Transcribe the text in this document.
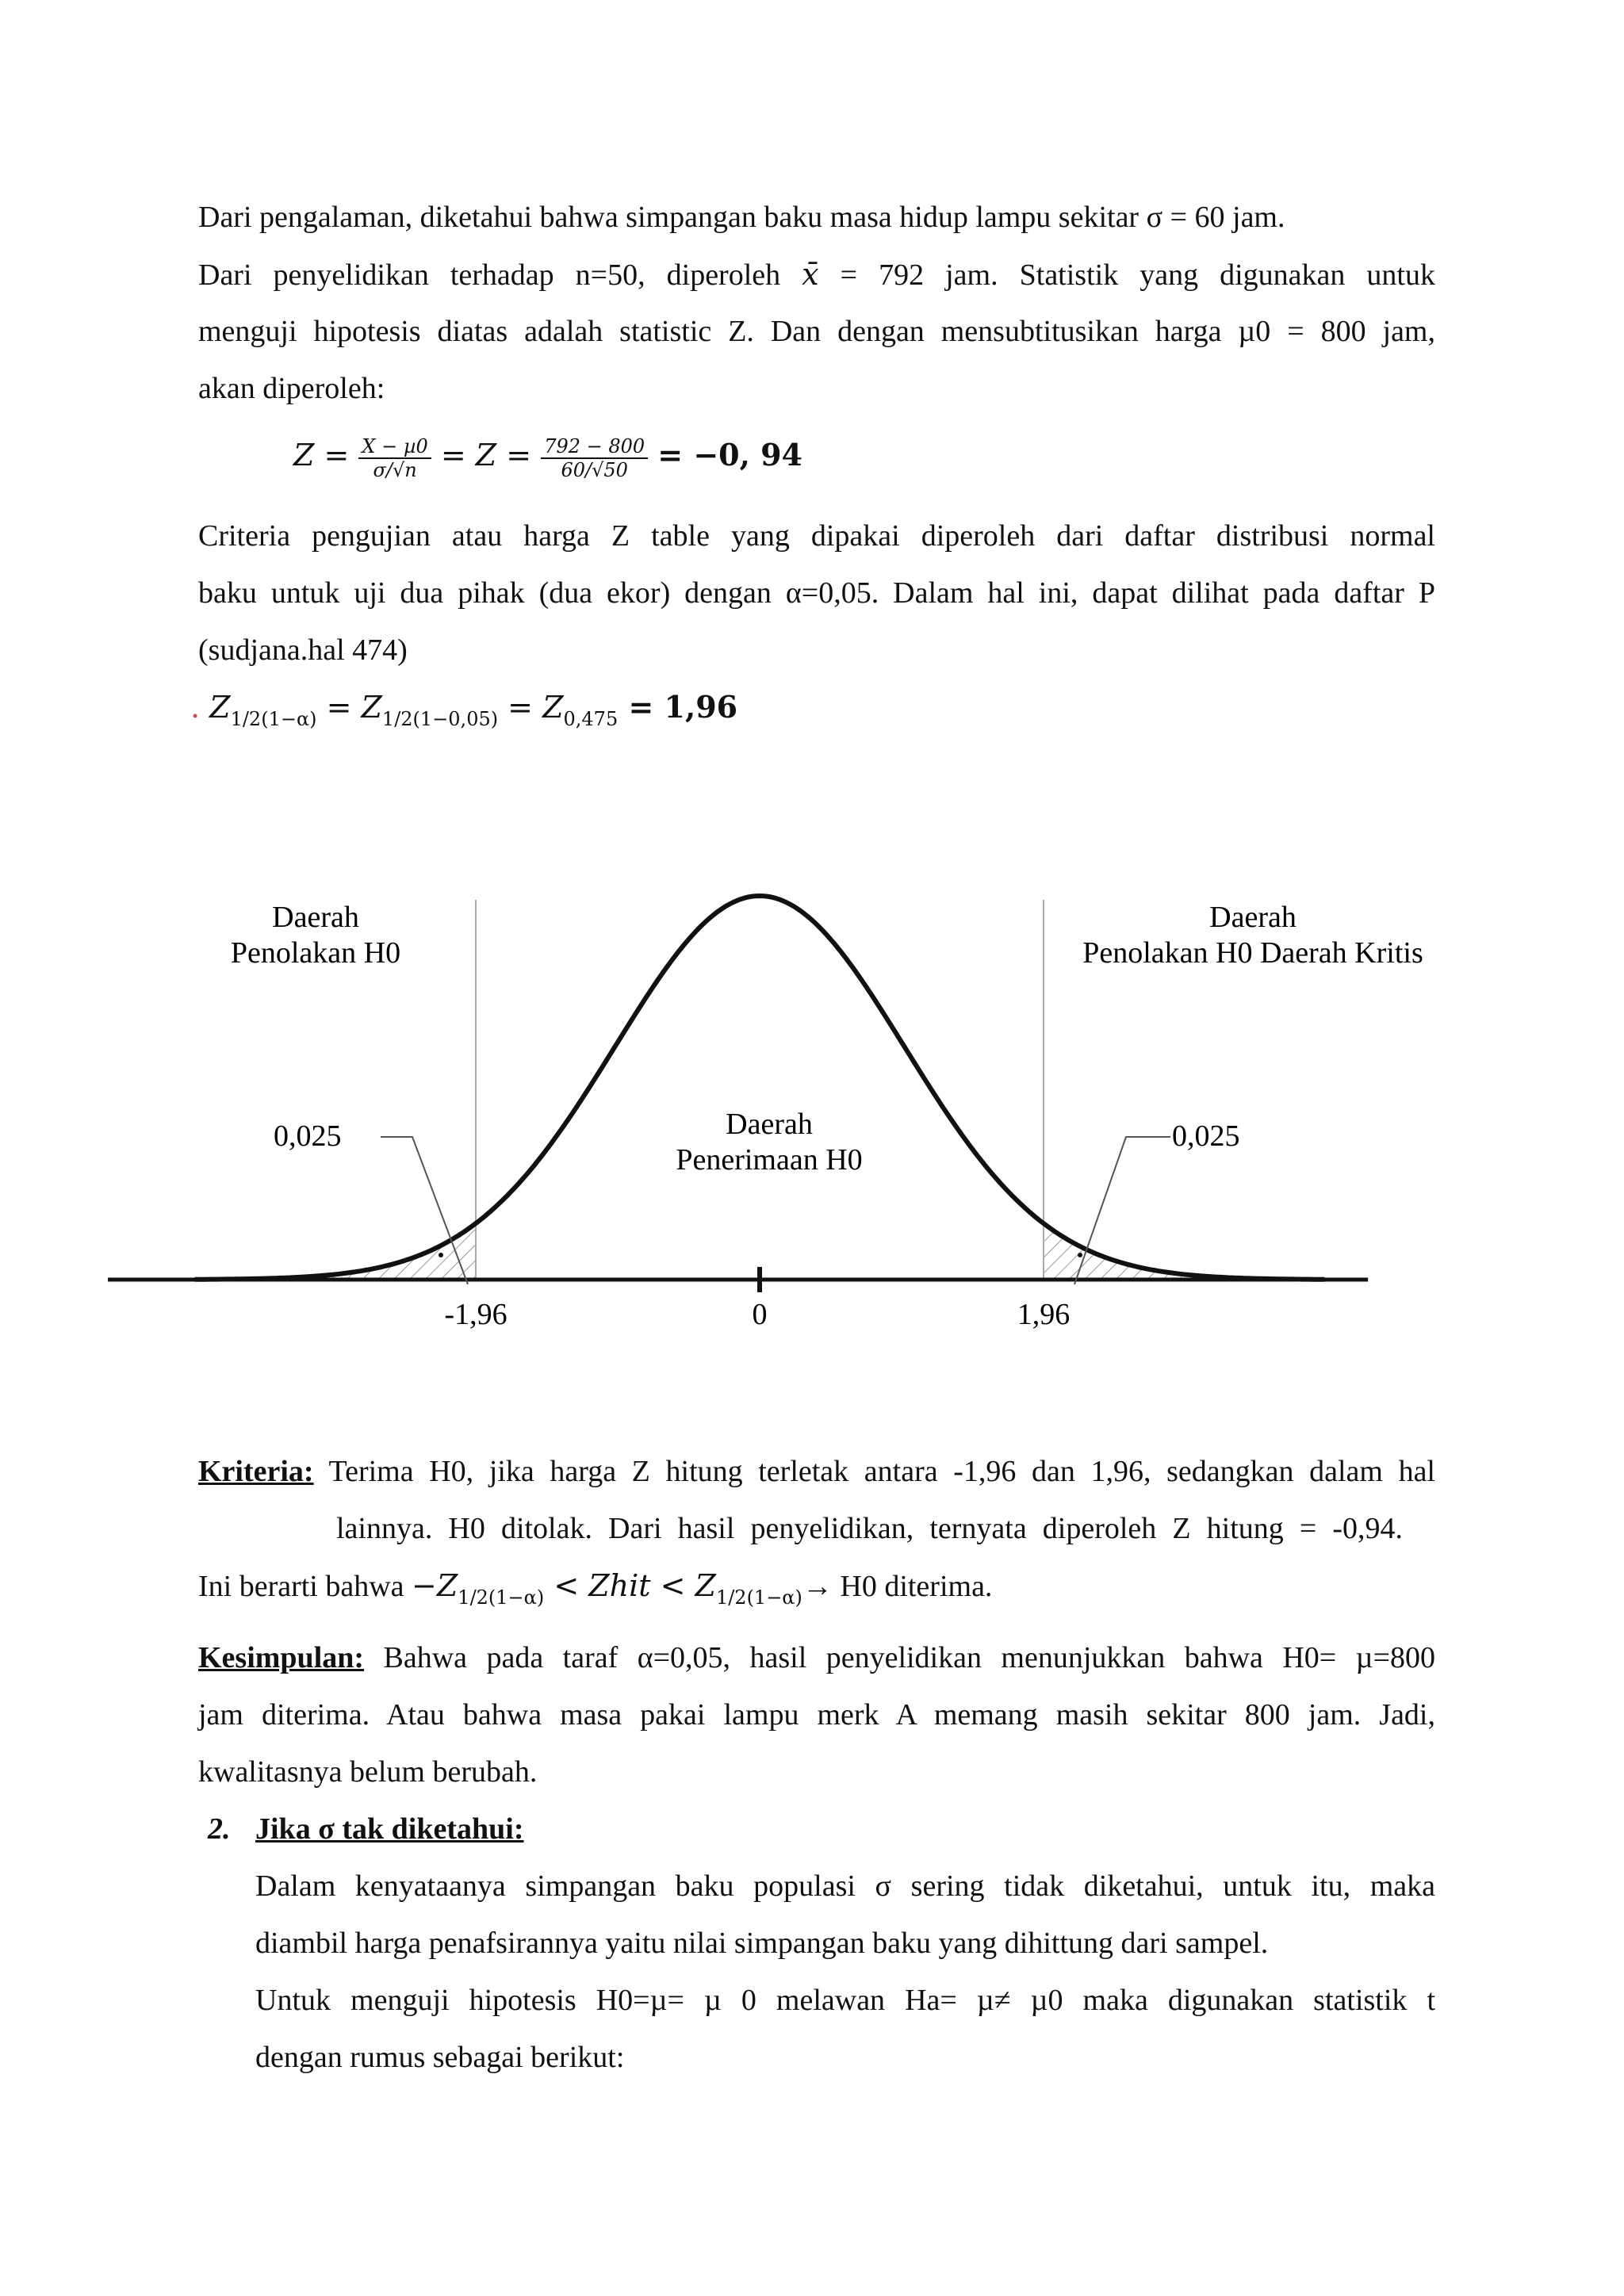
Dari pengalaman, diketahui bahwa simpangan baku masa hidup lampu sekitar σ = 60 jam.
Dari penyelidikan terhadap n=50, diperoleh x̄ = 792 jam. Statistik yang digunakan untuk
menguji hipotesis diatas adalah statistic Z. Dan dengan mensubtitusikan harga µ0 = 800 jam,
akan diperoleh:
$Z = \frac{\text{X − µ0}}{\sigma/√n} = Z = \frac{792 - 800}{60/√50} = -0$, 94
Criteria pengujian atau harga Z table yang dipakai diperoleh dari daftar distribusi normal
baku untuk uji dua pihak (dua ekor) dengan α=0,05. Dalam hal ini, dapat dilihat pada daftar P
(sudjana.hal 474)
. $Z_{1/2(1-\alpha)} = Z_{1/2(1-0,05)} = Z_{0,475} = 1,96$
Daerah
Penolakan H0
Daerah
Penolakan H0 Daerah Kritis
Daerah
Penerimaan H0
0,025	0,025
-1,96	0	1,96
Kriteria: Terima H0, jika harga Z hitung terletak antara -1,96 dan 1,96, sedangkan dalam hal
lainnya. H0 ditolak. Dari hasil penyelidikan, ternyata diperoleh Z hitung = -0,94.
Ini berarti bahwa $-Z_{1/2(1-\alpha)}$ < Zhit < $Z_{1/2(1-\alpha)}\to H0$ diterima.
Kesimpulan: Bahwa pada taraf α=0,05, hasil penyelidikan menunjukkan bahwa H0= µ=800
jam diterima. Atau bahwa masa pakai lampu merk A memang masih sekitar 800 jam. Jadi,
kwalitasnya belum berubah.
2. Jika σ tak diketahui:
Dalam kenyataanya simpangan baku populasi σ sering tidak diketahui, untuk itu, maka
diambil harga penafsirannya yaitu nilai simpangan baku yang dihittung dari sampel.
Untuk menguji hipotesis H0=µ= µ 0 melawan Ha= µ≠ µ0 maka digunakan statistik t
dengan rumus sebagai berikut:
